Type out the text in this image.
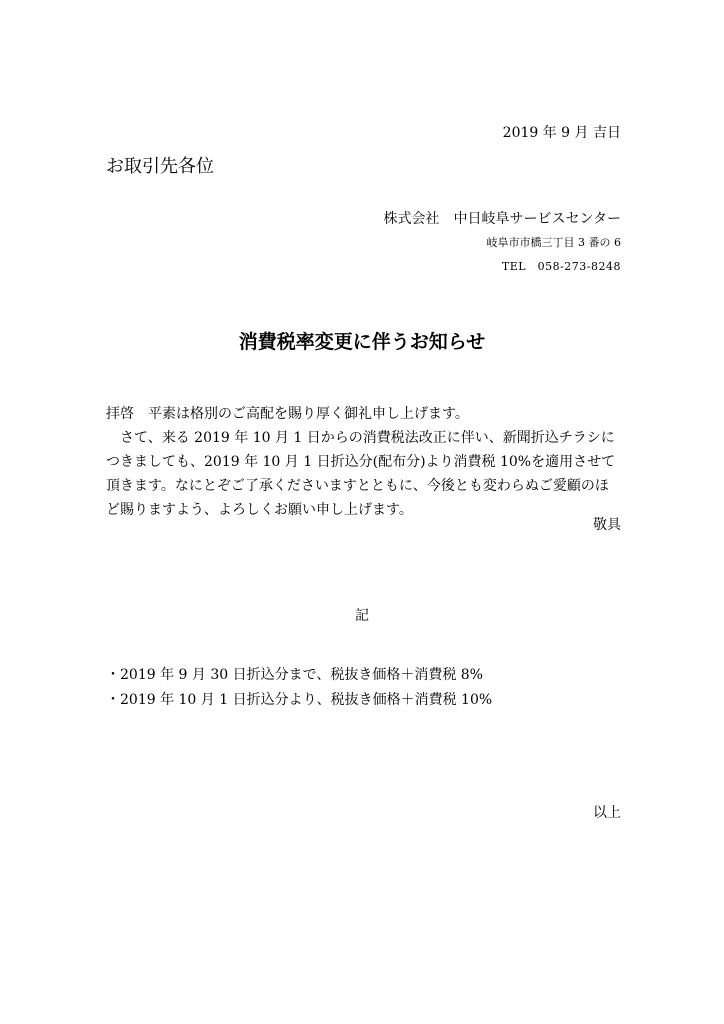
2019 年 9 月 吉日
お取引先各位
株式会社　中日岐阜サービスセンター
岐阜市市橋三丁目 3 番の 6
TEL　058-273-8248
消費税率変更に伴うお知らせ

拝啓　平素は格別のご高配を賜り厚く御礼申し上げます。

さて、来る 2019 年 10 月 1 日からの消費税法改正に伴い、新聞折込チラシにつきましても、2019 年 10 月 1 日折込分(配布分)より消費税 10%を適用させて頂きます。なにとぞご了承くださいますとともに、今後とも変わらぬご愛顧のほど賜りますよう、よろしくお願い申し上げます。

敬具
記
・2019 年 9 月 30 日折込分まで、税抜き価格＋消費税 8%
・2019 年 10 月 1 日折込分より、税抜き価格＋消費税 10%
以上
